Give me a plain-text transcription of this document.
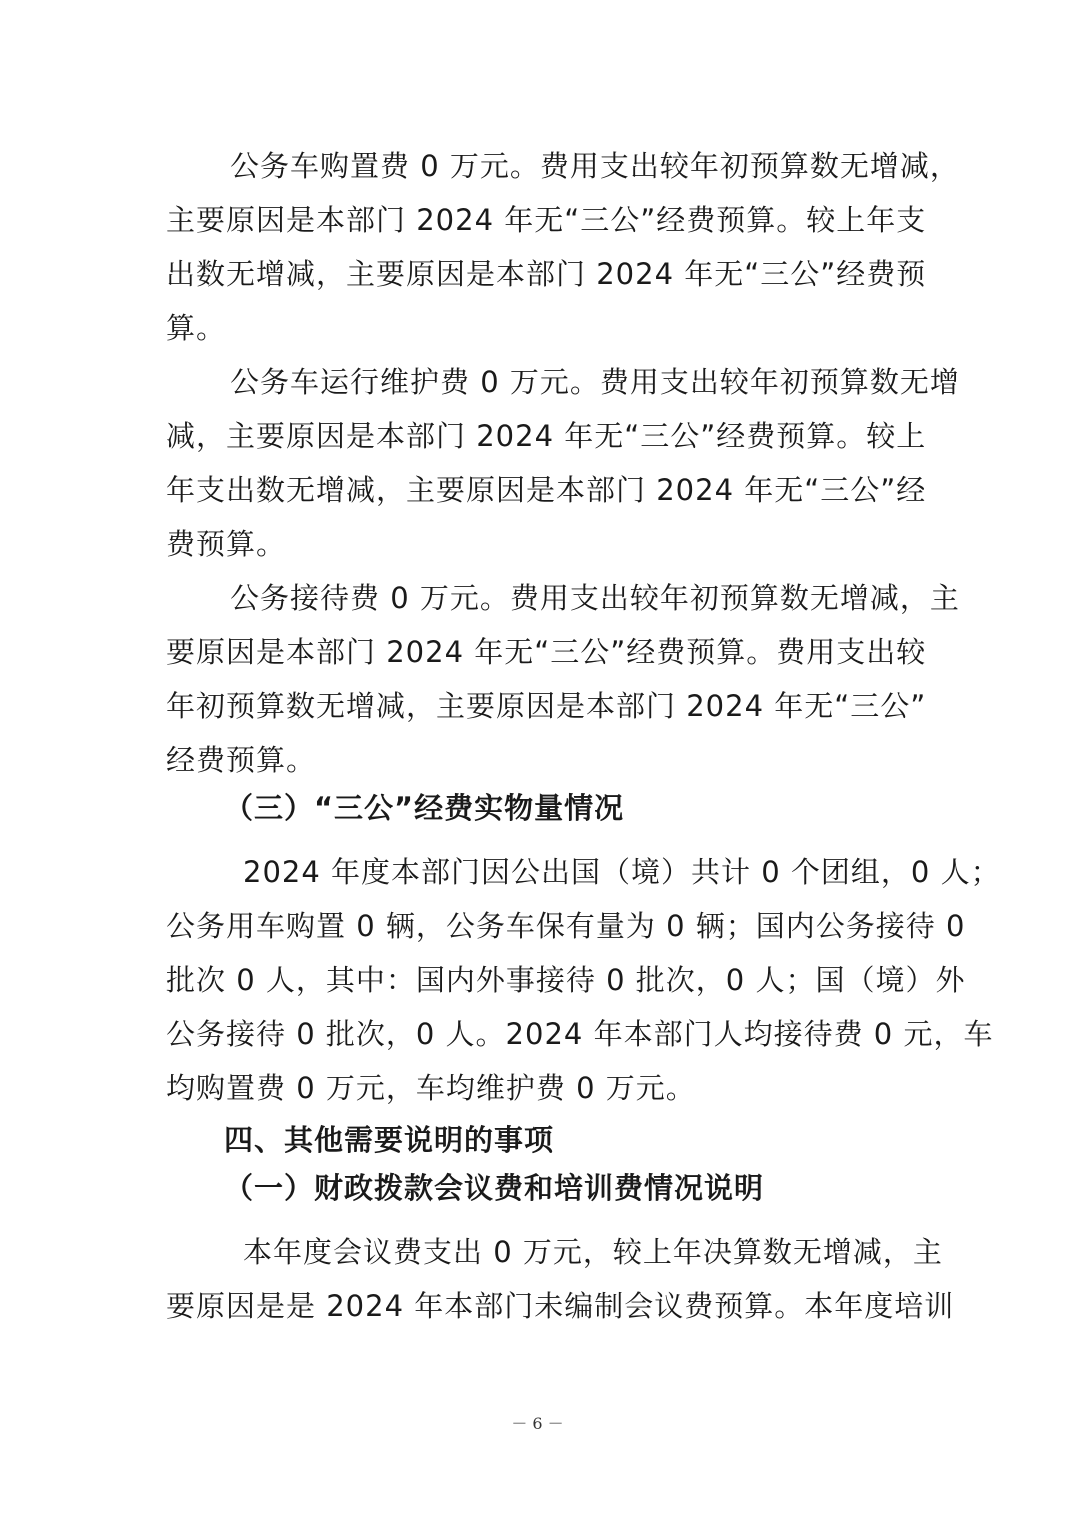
公务车购置费 0 万元。费用支出较年初预算数无增减，
主要原因是本部门 2024 年无“三公”经费预算。较上年支
出数无增减，主要原因是本部门 2024 年无“三公”经费预
算。
公务车运行维护费 0 万元。费用支出较年初预算数无增
减，主要原因是本部门 2024 年无“三公”经费预算。较上
年支出数无增减，主要原因是本部门 2024 年无“三公”经
费预算。
公务接待费 0 万元。费用支出较年初预算数无增减，主
要原因是本部门 2024 年无“三公”经费预算。费用支出较
年初预算数无增减，主要原因是本部门 2024 年无“三公”
经费预算。
（三）“三公”经费实物量情况
2024 年度本部门因公出国（境）共计 0 个团组，0 人；
公务用车购置 0 辆，公务车保有量为 0 辆；国内公务接待 0
批次 0 人，其中：国内外事接待 0 批次，0 人；国（境）外
公务接待 0 批次，0 人。2024 年本部门人均接待费 0 元，车
均购置费 0 万元，车均维护费 0 万元。
四、其他需要说明的事项
（一）财政拨款会议费和培训费情况说明
本年度会议费支出 0 万元，较上年决算数无增减，主
要原因是是 2024 年本部门未编制会议费预算。本年度培训
－ 6 －
